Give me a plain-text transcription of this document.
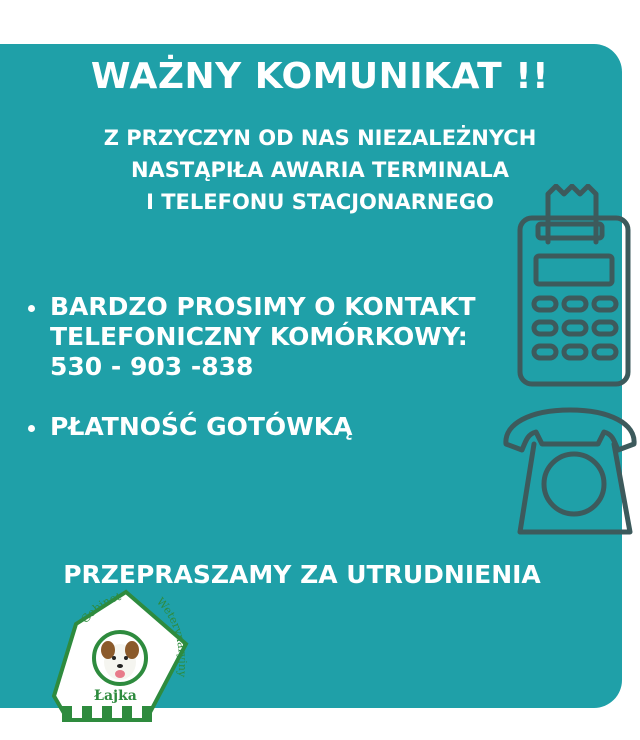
WAŻNY KOMUNIKAT !!
Z PRZYCZYN OD NAS NIEZALEŻNYCH
NASTĄPIŁA AWARIA TERMINALA
I TELEFONU STACJONARNEGO
BARDZO PROSIMY O KONTAKT
TELEFONICZNY KOMÓRKOWY:
530 - 903 -838
PŁATNOŚĆ GOTÓWKĄ
PRZEPRASZAMY ZA UTRUDNIENIA
Gabinet	Weterynaryjny
Łajka
